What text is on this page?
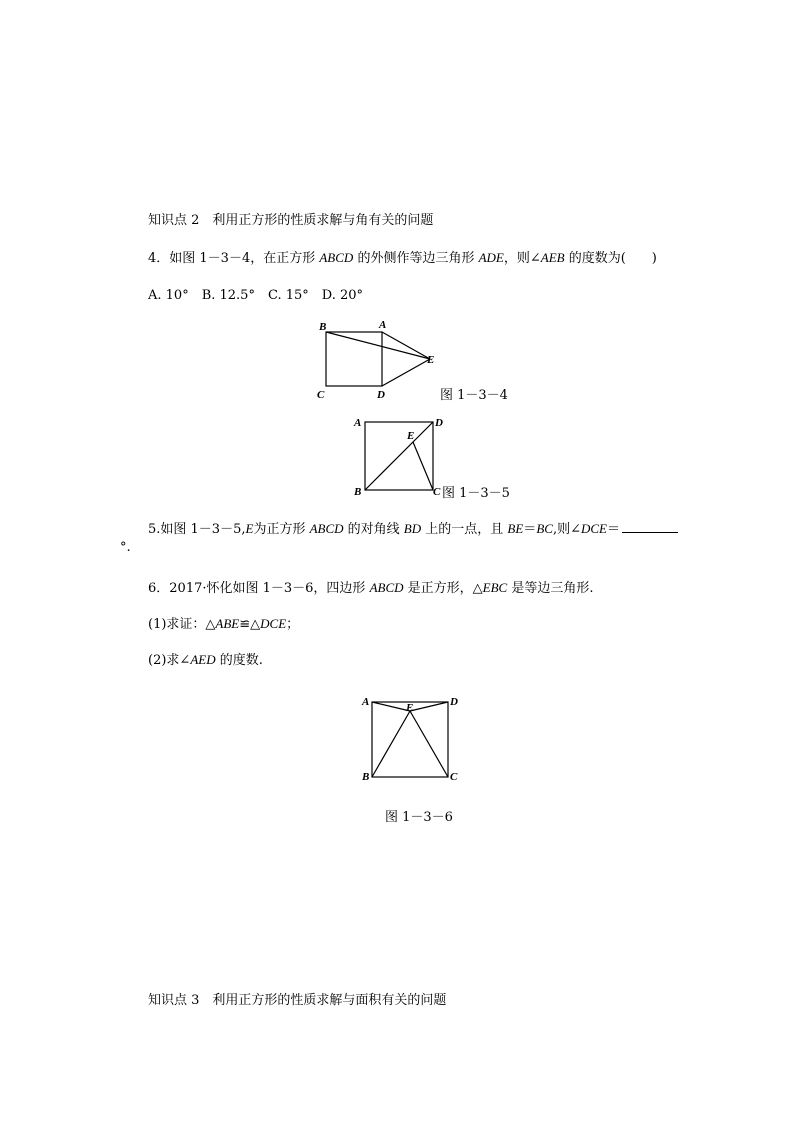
知识点 2　利用正方形的性质求解与角有关的问题
4．如图 1－3－4，在正方形 ABCD 的外侧作等边三角形 ADE，则∠AEB 的度数为(　　)
A. 10°　B. 12.5°　C. 15°　D. 20°
B	A
E
C	D	图 1－3－4
A	D
E
B	C 图 1－3－5
5.如图 1－3－5,E为正方形 ABCD 的对角线 BD 上的一点，且 BE＝BC,则∠DCE＝
°.
6．2017·怀化如图 1－3－6，四边形 ABCD 是正方形，△EBC 是等边三角形.
(1)求证：△ABE≌△DCE；
(2)求∠AED 的度数.
A	D
E
B	C
图 1－3－6
知识点 3　利用正方形的性质求解与面积有关的问题
